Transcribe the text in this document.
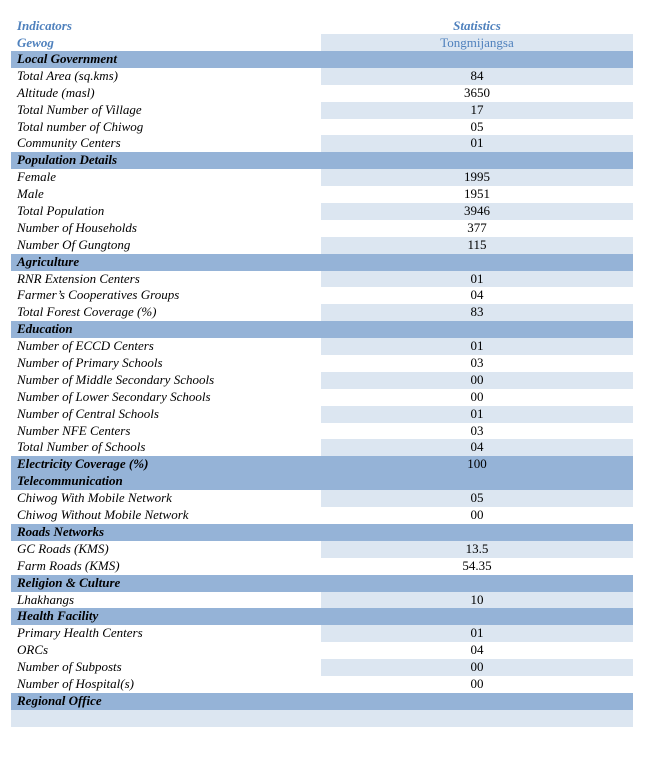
Indicators	Statistics
Gewog	Tongmijangsa
Local Government
Total Area (sq.kms)	84
Altitude (masl)	3650
Total Number of Village	17
Total number of Chiwog	05
Community Centers	01
Population Details
Female	1995
Male	1951
Total Population	3946
Number of Households	377
Number Of Gungtong	115
Agriculture
RNR Extension Centers	01
Farmer’s Cooperatives Groups	04
Total Forest Coverage (%)	83
Education
Number of ECCD Centers	01
Number of Primary Schools	03
Number of Middle Secondary Schools	00
Number of Lower Secondary Schools	00
Number of Central Schools	01
Number NFE Centers	03
Total Number of Schools	04
Electricity Coverage (%)	100
Telecommunication
Chiwog With Mobile Network	05
Chiwog Without Mobile Network	00
Roads Networks
GC Roads (KMS)	13.5
Farm Roads (KMS)	54.35
Religion & Culture
Lhakhangs	10
Health Facility
Primary Health Centers	01
ORCs	04
Number of Subposts	00
Number of Hospital(s)	00
Regional Office
